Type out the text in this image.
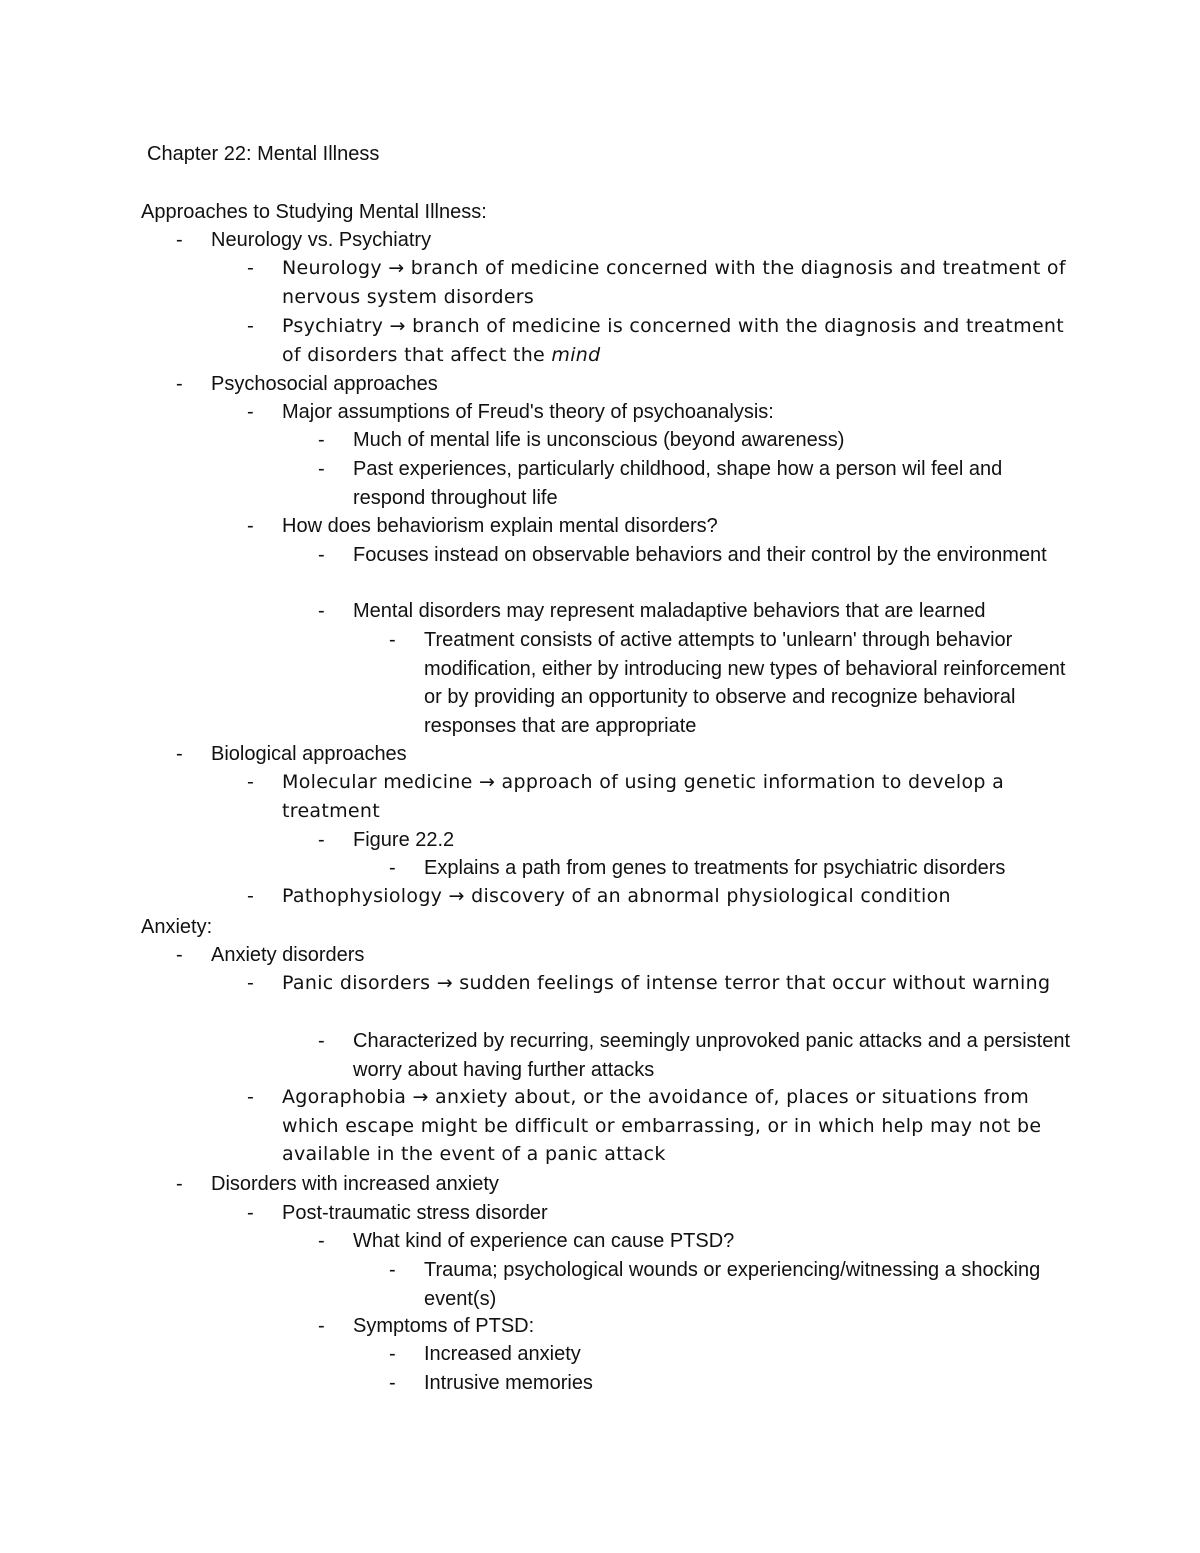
Chapter 22: Mental Illness
Approaches to Studying Mental Illness:
- Neurology vs. Psychiatry
- Neurology → branch of medicine concerned with the diagnosis and treatment of nervous system disorders
- Psychiatry → branch of medicine is concerned with the diagnosis and treatment of disorders that affect the mind
- Psychosocial approaches
- Major assumptions of Freud's theory of psychoanalysis:
- Much of mental life is unconscious (beyond awareness)
- Past experiences, particularly childhood, shape how a person wil feel and respond throughout life
- How does behaviorism explain mental disorders?
- Focuses instead on observable behaviors and their control by the environment
- Mental disorders may represent maladaptive behaviors that are learned
- Treatment consists of active attempts to 'unlearn' through behavior modification, either by introducing new types of behavioral reinforcement or by providing an opportunity to observe and recognize behavioral responses that are appropriate
- Biological approaches
- Molecular medicine → approach of using genetic information to develop a treatment
- Figure 22.2
- Explains a path from genes to treatments for psychiatric disorders
- Pathophysiology → discovery of an abnormal physiological condition
Anxiety:
- Anxiety disorders
- Panic disorders → sudden feelings of intense terror that occur without warning
- Characterized by recurring, seemingly unprovoked panic attacks and a persistent worry about having further attacks
- Agoraphobia → anxiety about, or the avoidance of, places or situations from which escape might be difficult or embarrassing, or in which help may not be available in the event of a panic attack
- Disorders with increased anxiety
- Post-traumatic stress disorder
- What kind of experience can cause PTSD?
- Trauma; psychological wounds or experiencing/witnessing a shocking event(s)
- Symptoms of PTSD:
- Increased anxiety
- Intrusive memories
